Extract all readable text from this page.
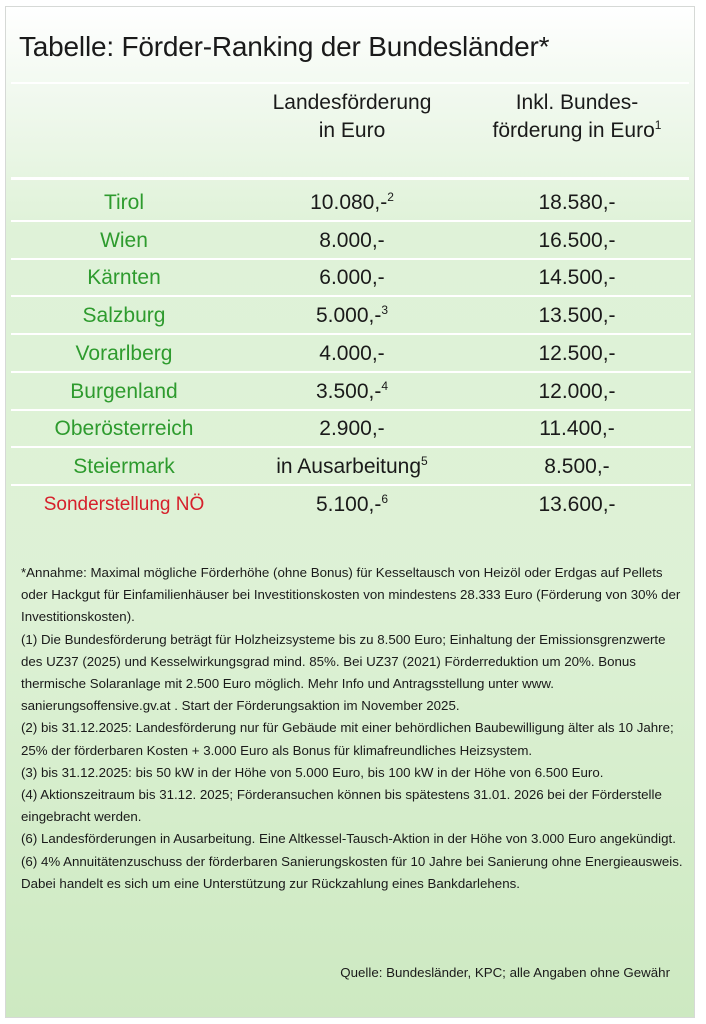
Tabelle: Förder-Ranking der Bundesländer*
Landesförderung
in Euro
Inkl. Bundes-
förderung in Euro$^1$
Tirol	10.080,-$^2$	18.580,-
Wien	8.000,-	16.500,-
Kärnten	6.000,-	14.500,-
Salzburg	5.000,-$^3$	13.500,-
Vorarlberg	4.000,-	12.500,-
Burgenland	3.500,-$^4$	12.000,-
Oberösterreich	2.900,-	11.400,-
Steiermark	in Ausarbeitung$^5$	8.500,-
Sonderstellung NÖ	5.100,-$^6$	13.600,-

*Annahme: Maximal mögliche Förderhöhe (ohne Bonus) für Kesseltausch von Heizöl oder Erdgas auf Pellets oder Hackgut für Einfamilienhäuser bei Investitionskosten von mindestens 28.333 Euro (Förderung von 30% der Investitionskosten).

(1) Die Bundesförderung beträgt für Holzheizsysteme bis zu 8.500 Euro; Einhaltung der Emissionsgrenzwerte des UZ37 (2025) und Kesselwirkungsgrad mind. 85%. Bei UZ37 (2021) Förderreduktion um 20%. Bonus thermische Solaranlage mit 2.500 Euro möglich. Mehr Info und Antragsstellung unter www. sanierungsoffensive.gv.at . Start der Förderungsaktion im November 2025.

(2) bis 31.12.2025: Landesförderung nur für Gebäude mit einer behördlichen Baubewilligung älter als 10 Jahre; 25% der förderbaren Kosten + 3.000 Euro als Bonus für klimafreundliches Heizsystem.

(3) bis 31.12.2025: bis 50 kW in der Höhe von 5.000 Euro, bis 100 kW in der Höhe von 6.500 Euro.

(4) Aktionszeitraum bis 31.12. 2025; Förderansuchen können bis spätestens 31.01. 2026 bei der Förderstelle eingebracht werden.

(6) Landesförderungen in Ausarbeitung. Eine Altkessel-Tausch-Aktion in der Höhe von 3.000 Euro angekündigt.

(6) 4% Annuitätenzuschuss der förderbaren Sanierungskosten für 10 Jahre bei Sanierung ohne Energieausweis. Dabei handelt es sich um eine Unterstützung zur Rückzahlung eines Bankdarlehens.

Quelle: Bundesländer, KPC; alle Angaben ohne Gewähr
